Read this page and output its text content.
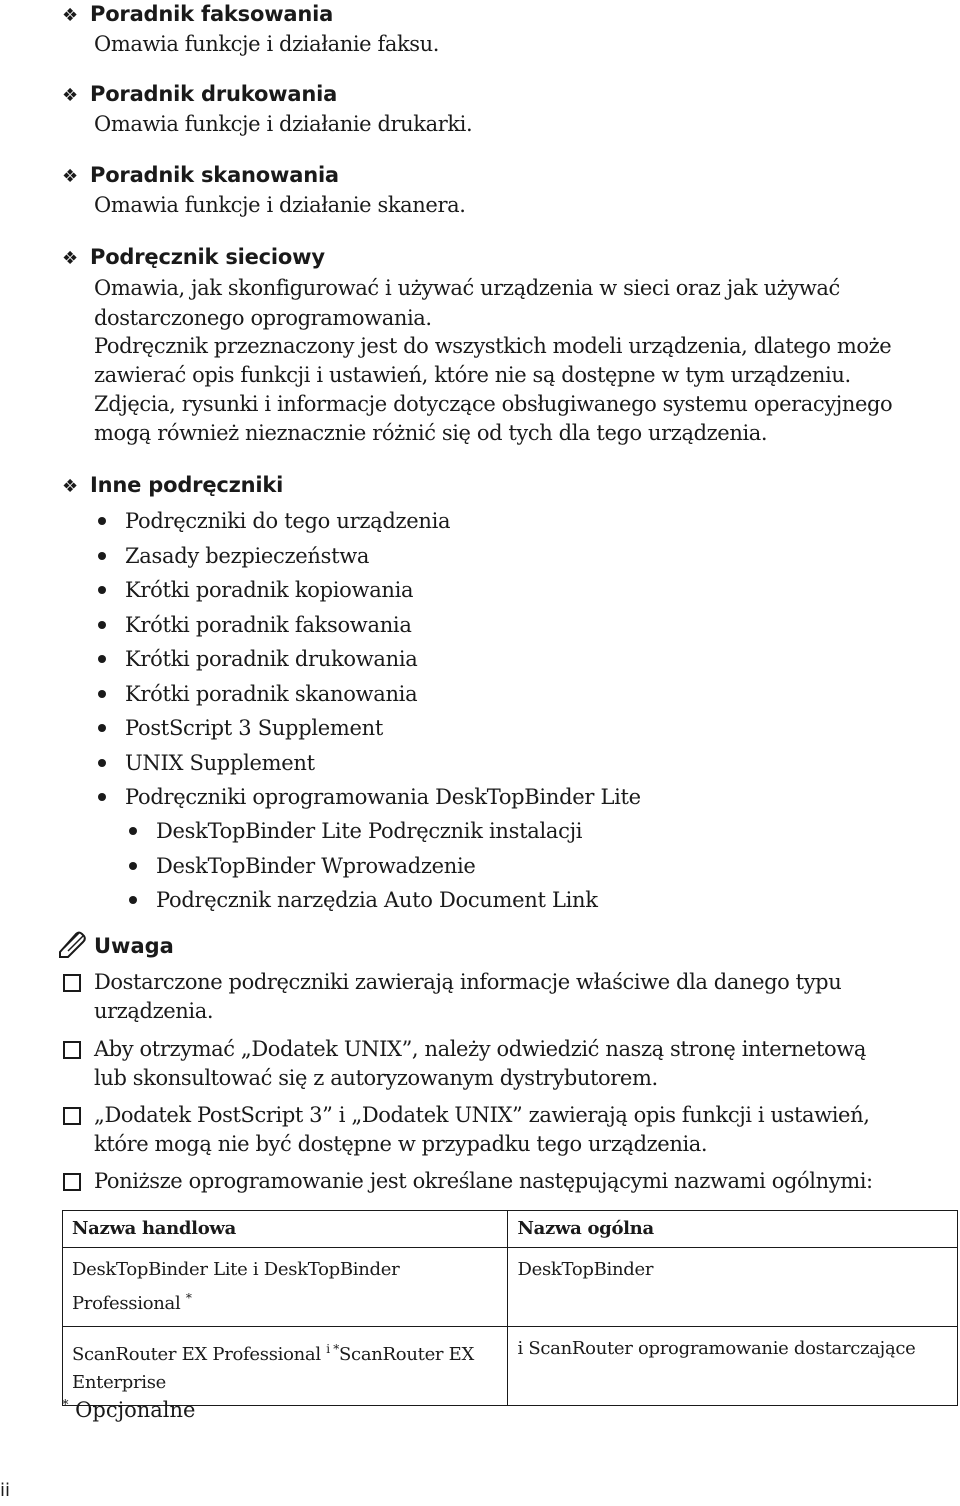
❖ Poradnik faksowania
Omawia funkcje i działanie faksu.
❖ Poradnik drukowania
Omawia funkcje i działanie drukarki.
❖ Poradnik skanowania
Omawia funkcje i działanie skanera.
❖ Podręcznik sieciowy
Omawia, jak skonfigurować i używać urządzenia w sieci oraz jak używać
dostarczonego oprogramowania.
Podręcznik przeznaczony jest do wszystkich modeli urządzenia, dlatego może
zawierać opis funkcji i ustawień, które nie są dostępne w tym urządzeniu.
Zdjęcia, rysunki i informacje dotyczące obsługiwanego systemu operacyjnego
mogą również nieznacznie różnić się od tych dla tego urządzenia.
❖ Inne podręczniki
Podręczniki do tego urządzenia
Zasady bezpieczeństwa
Krótki poradnik kopiowania
Krótki poradnik faksowania
Krótki poradnik drukowania
Krótki poradnik skanowania
PostScript 3 Supplement
UNIX Supplement
Podręczniki oprogramowania DeskTopBinder Lite
DeskTopBinder Lite Podręcznik instalacji
DeskTopBinder Wprowadzenie
Podręcznik narzędzia Auto Document Link
Uwaga
Dostarczone podręczniki zawierają informacje właściwe dla danego typu
urządzenia.
Aby otrzymać „Dodatek UNIX”, należy odwiedzić naszą stronę internetową
lub skonsultować się z autoryzowanym dystrybutorem.
„Dodatek PostScript 3” i „Dodatek UNIX” zawierają opis funkcji i ustawień,
które mogą nie być dostępne w przypadku tego urządzenia.
Poniższe oprogramowanie jest określane następującymi nazwami ogólnymi:
Nazwa handlowa	Nazwa ogólna
DeskTopBinder Lite i DeskTopBinder
Professional *	DeskTopBinder
ScanRouter EX Professional $^{i *}$ScanRouter EX
Enterprise	i ScanRouter oprogramowanie dostarczające
* Opcjonalne
ii
